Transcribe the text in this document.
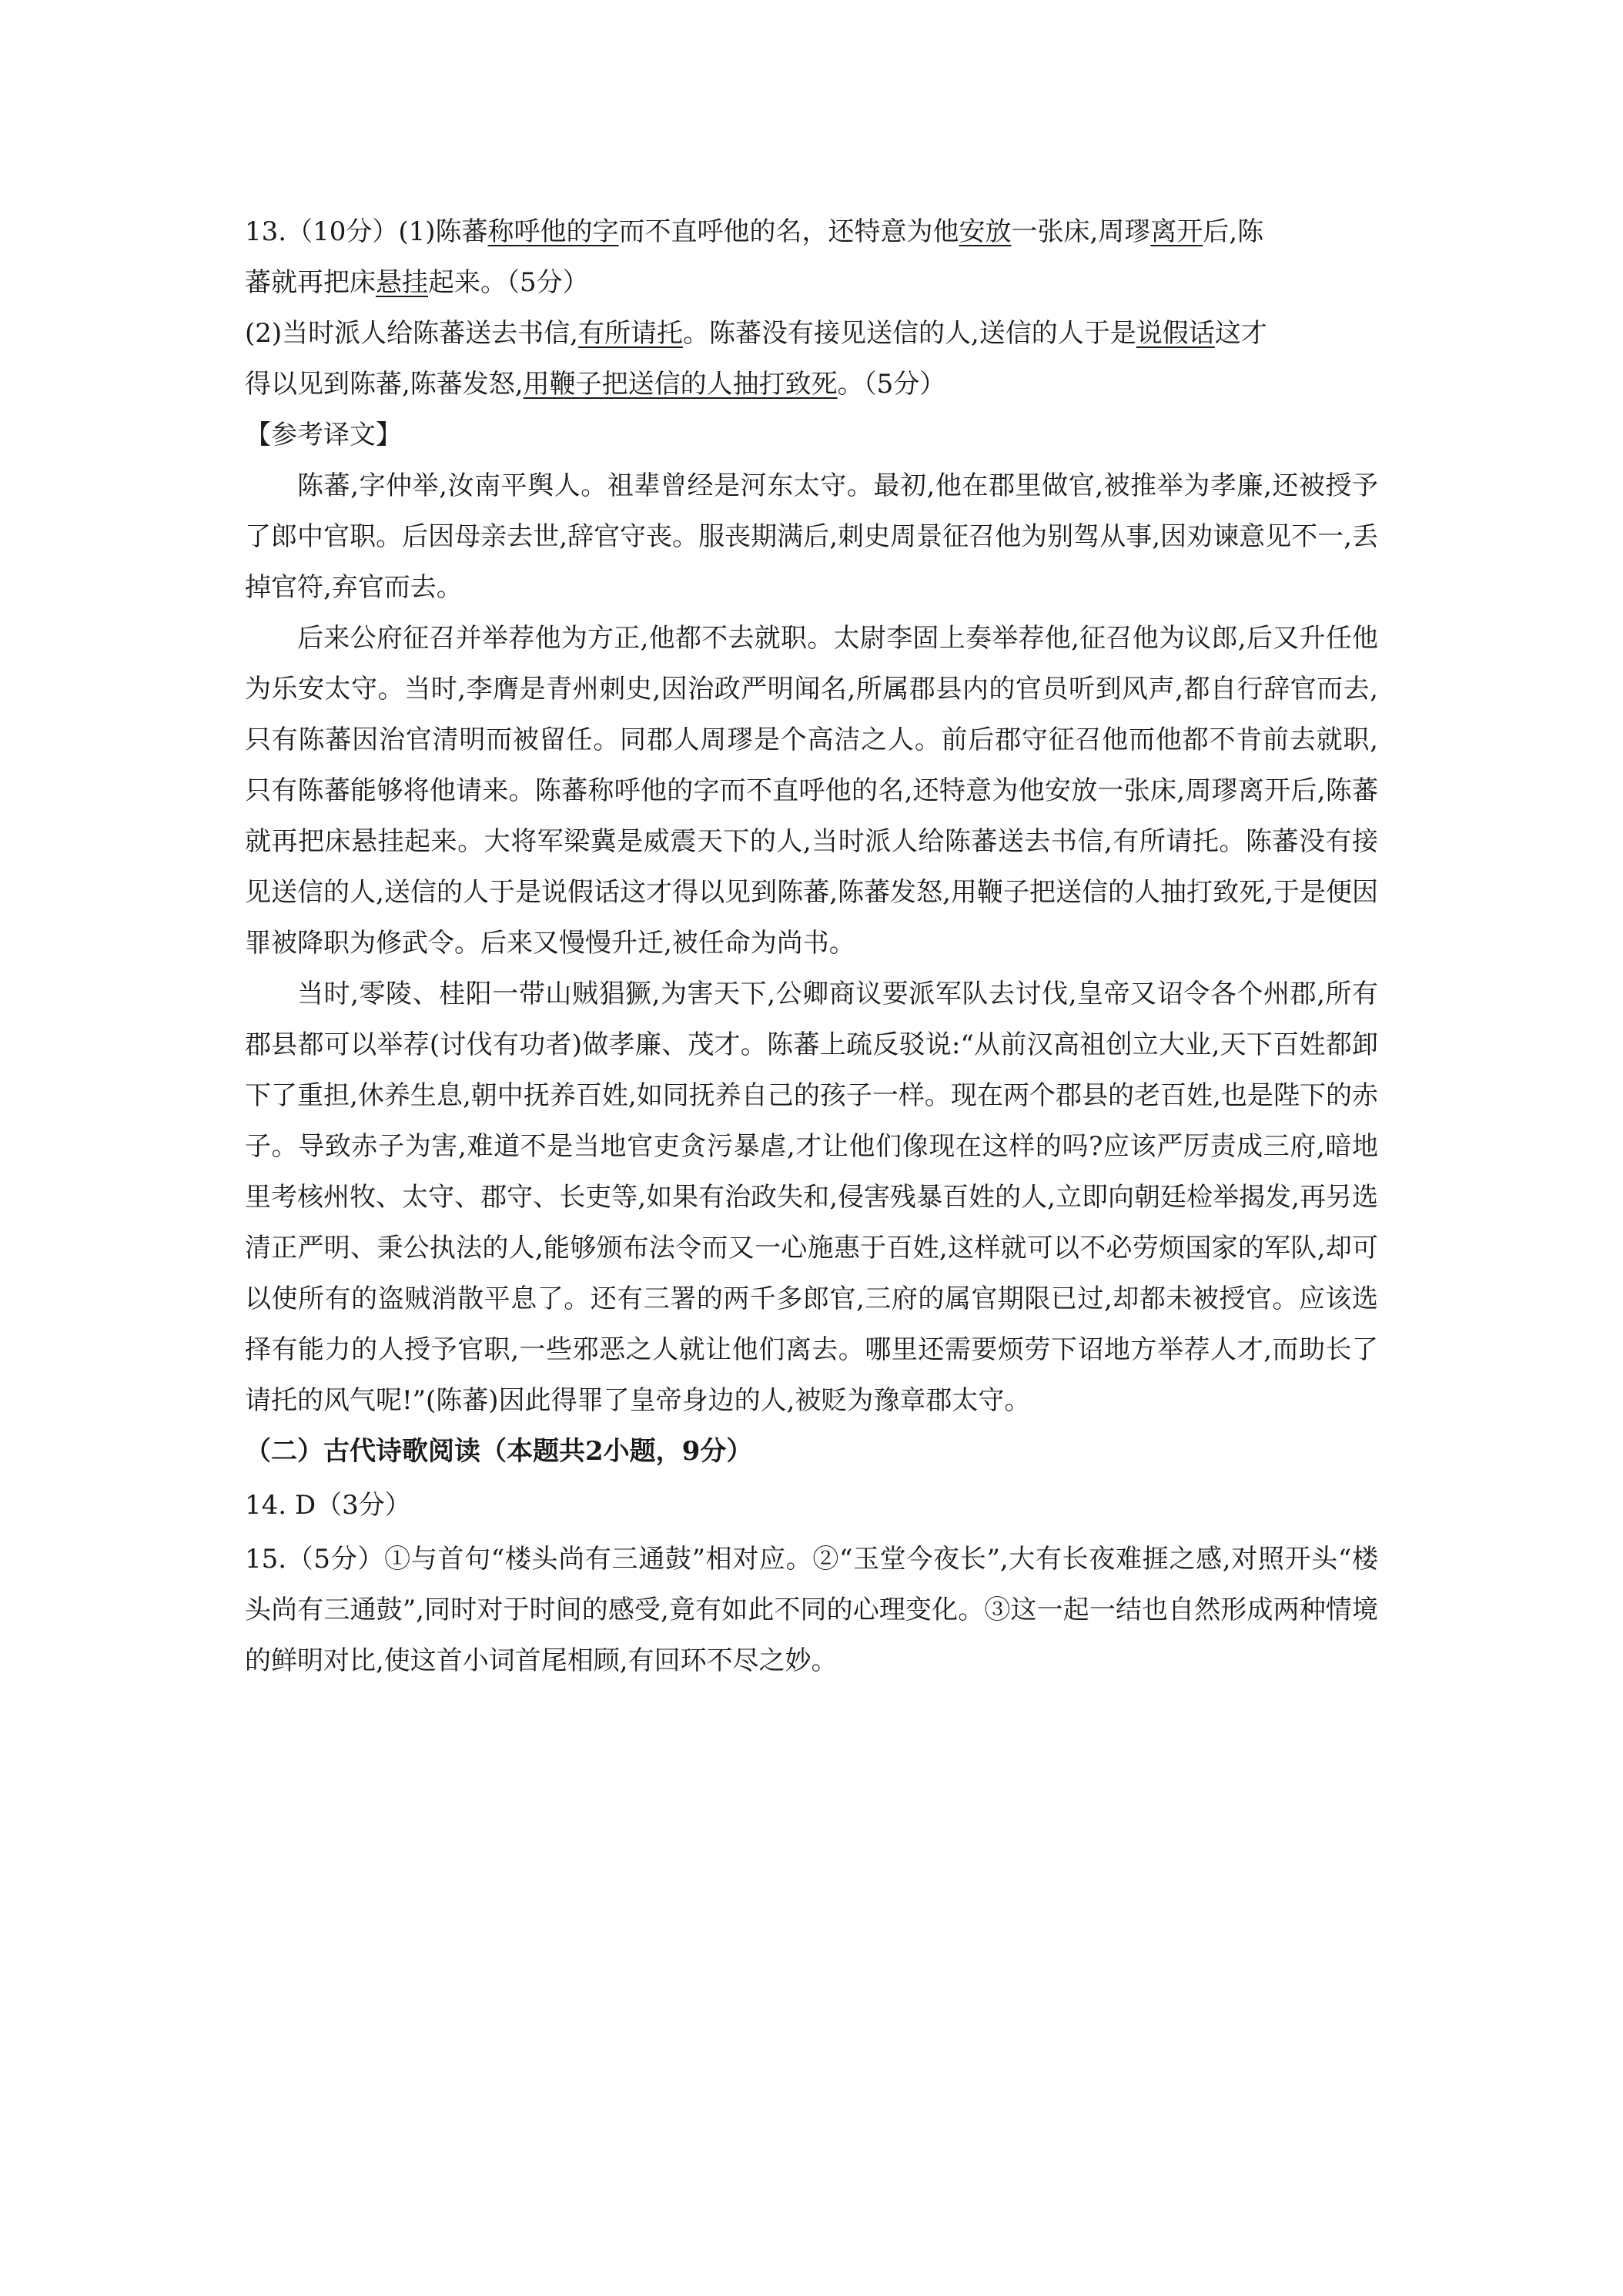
13.（10分）(1)陈蕃称呼他的字而不直呼他的名，还特意为他安放一张床,周璆离开后,陈

蕃就再把床悬挂起来。（5分）

(2)当时派人给陈蕃送去书信,有所请托。陈蕃没有接见送信的人,送信的人于是说假话这才

得以见到陈蕃,陈蕃发怒,用鞭子把送信的人抽打致死。（5分）

【参考译文】

陈蕃,字仲举,汝南平舆人。祖辈曾经是河东太守。最初,他在郡里做官,被推举为孝廉,还被授予了郎中官职。后因母亲去世,辞官守丧。服丧期满后,刺史周景征召他为别驾从事,因劝谏意见不一,丢掉官符,弃官而去。

后来公府征召并举荐他为方正,他都不去就职。太尉李固上奏举荐他,征召他为议郎,后又升任他为乐安太守。当时,李膺是青州刺史,因治政严明闻名,所属郡县内的官员听到风声,都自行辞官而去,只有陈蕃因治官清明而被留任。同郡人周璆是个高洁之人。前后郡守征召他而他都不肯前去就职,只有陈蕃能够将他请来。陈蕃称呼他的字而不直呼他的名,还特意为他安放一张床,周璆离开后,陈蕃就再把床悬挂起来。大将军梁冀是威震天下的人,当时派人给陈蕃送去书信,有所请托。陈蕃没有接见送信的人,送信的人于是说假话这才得以见到陈蕃,陈蕃发怒,用鞭子把送信的人抽打致死,于是便因罪被降职为修武令。后来又慢慢升迁,被任命为尚书。

当时,零陵、桂阳一带山贼猖獗,为害天下,公卿商议要派军队去讨伐,皇帝又诏令各个州郡,所有郡县都可以举荐(讨伐有功者)做孝廉、茂才。陈蕃上疏反驳说:“从前汉高祖创立大业,天下百姓都卸下了重担,休养生息,朝中抚养百姓,如同抚养自己的孩子一样。现在两个郡县的老百姓,也是陛下的赤子。导致赤子为害,难道不是当地官吏贪污暴虐,才让他们像现在这样的吗?应该严厉责成三府,暗地里考核州牧、太守、郡守、长吏等,如果有治政失和,侵害残暴百姓的人,立即向朝廷检举揭发,再另选清正严明、秉公执法的人,能够颁布法令而又一心施惠于百姓,这样就可以不必劳烦国家的军队,却可以使所有的盗贼消散平息了。还有三署的两千多郎官,三府的属官期限已过,却都未被授官。应该选择有能力的人授予官职,一些邪恶之人就让他们离去。哪里还需要烦劳下诏地方举荐人才,而助长了请托的风气呢!”(陈蕃)因此得罪了皇帝身边的人,被贬为豫章郡太守。

（二）古代诗歌阅读（本题共2小题，9分）

14. D（3分）

15.（5分）①与首句“楼头尚有三通鼓”相对应。②“玉堂今夜长”,大有长夜难捱之感,对照开头“楼头尚有三通鼓”,同时对于时间的感受,竟有如此不同的心理变化。③这一起一结也自然形成两种情境的鲜明对比,使这首小词首尾相顾,有回环不尽之妙。
